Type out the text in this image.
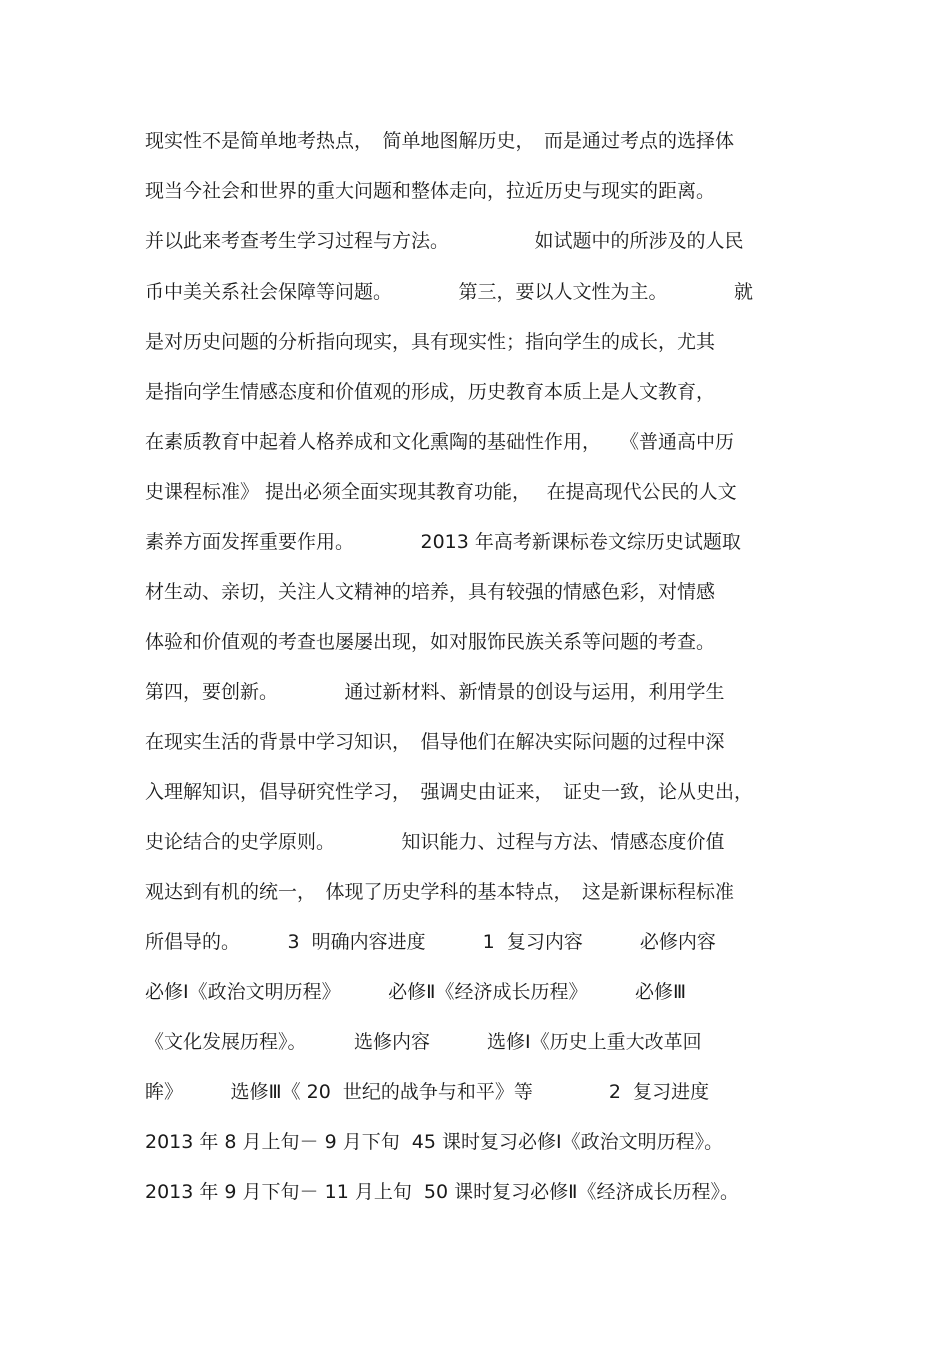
现实性不是简单地考热点，　简单地图解历史，　而是通过考点的选择体
现当今社会和世界的重大问题和整体走向，拉近历史与现实的距离。
并以此来考查考生学习过程与方法。　　　　　如试题中的所涉及的人民
币中美关系社会保障等问题。　　　　第三，要以人文性为主。　　　　就
是对历史问题的分析指向现实，具有现实性；指向学生的成长，尤其
是指向学生情感态度和价值观的形成，历史教育本质上是人文教育，
在素质教育中起着人格养成和文化熏陶的基础性作用，　　《普通高中历
史课程标准》 提出必须全面实现其教育功能，　 在提高现代公民的人文
素养方面发挥重要作用。　　　　2013 年高考新课标卷文综历史试题取
材生动、亲切，关注人文精神的培养，具有较强的情感色彩，对情感
体验和价值观的考查也屡屡出现，如对服饰民族关系等问题的考查。
第四，要创新。　　　　通过新材料、新情景的创设与运用，利用学生
在现实生活的背景中学习知识，　倡导他们在解决实际问题的过程中深
入理解知识，倡导研究性学习，　强调史由证来，　证史一致，论从史出，
史论结合的史学原则。　　　　知识能力、过程与方法、情感态度价值
观达到有机的统一，　体现了历史学科的基本特点，　这是新课标程标准
所倡导的。　　　3  明确内容进度　　　1  复习内容　　　必修内容
必修Ⅰ《政治文明历程》　　　必修Ⅱ《经济成长历程》　　　必修Ⅲ
《文化发展历程》。　　　选修内容　　　选修Ⅰ《历史上重大改革回
眸》　　　选修Ⅲ《 20  世纪的战争与和平》等　　　　2  复习进度
2013 年 8 月上旬－ 9 月下旬  45 课时复习必修Ⅰ《政治文明历程》。
2013 年 9 月下旬－ 11 月上旬  50 课时复习必修Ⅱ《经济成长历程》。
